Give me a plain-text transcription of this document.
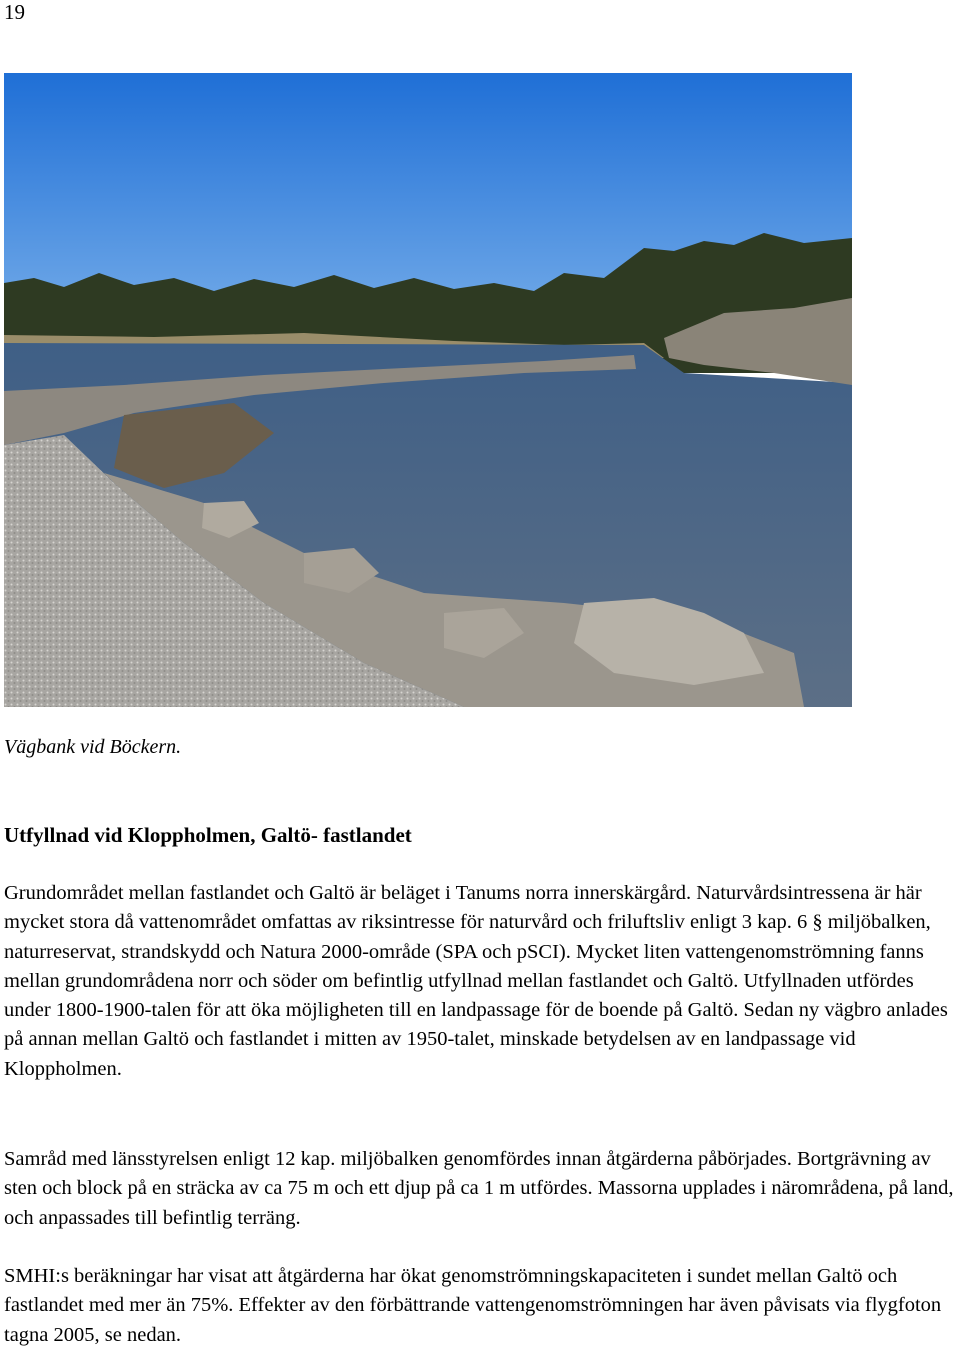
19
Vägbank vid Böckern.
Utfyllnad vid Kloppholmen, Galtö- fastlandet

Grundområdet mellan fastlandet och Galtö är beläget i Tanums norra innerskärgård. Naturvårdsintressena är här mycket stora då vattenområdet omfattas av riksintresse för naturvård och friluftsliv enligt 3 kap. 6 § miljöbalken, naturreservat, strandskydd och Natura 2000-område (SPA och pSCI). Mycket liten vattengenomströmning fanns mellan grundområdena norr och söder om befintlig utfyllnad mellan fastlandet och Galtö. Utfyllnaden utfördes under 1800-1900-talen för att öka möjligheten till en landpassage för de boende på Galtö. Sedan ny vägbro anlades på annan mellan Galtö och fastlandet i mitten av 1950-talet, minskade betydelsen av en landpassage vid Kloppholmen.

Samråd med länsstyrelsen enligt 12 kap. miljöbalken genomfördes innan åtgärderna påbörjades. Bortgrävning av sten och block på en sträcka av ca 75 m och ett djup på ca 1 m utfördes. Massorna upplades i närområdena, på land, och anpassades till befintlig terräng.

SMHI:s beräkningar har visat att åtgärderna har ökat genomströmningskapaciteten i sundet mellan Galtö och fastlandet med mer än 75%. Effekter av den förbättrande vattengenomströmningen har även påvisats via flygfoton tagna 2005, se nedan.
